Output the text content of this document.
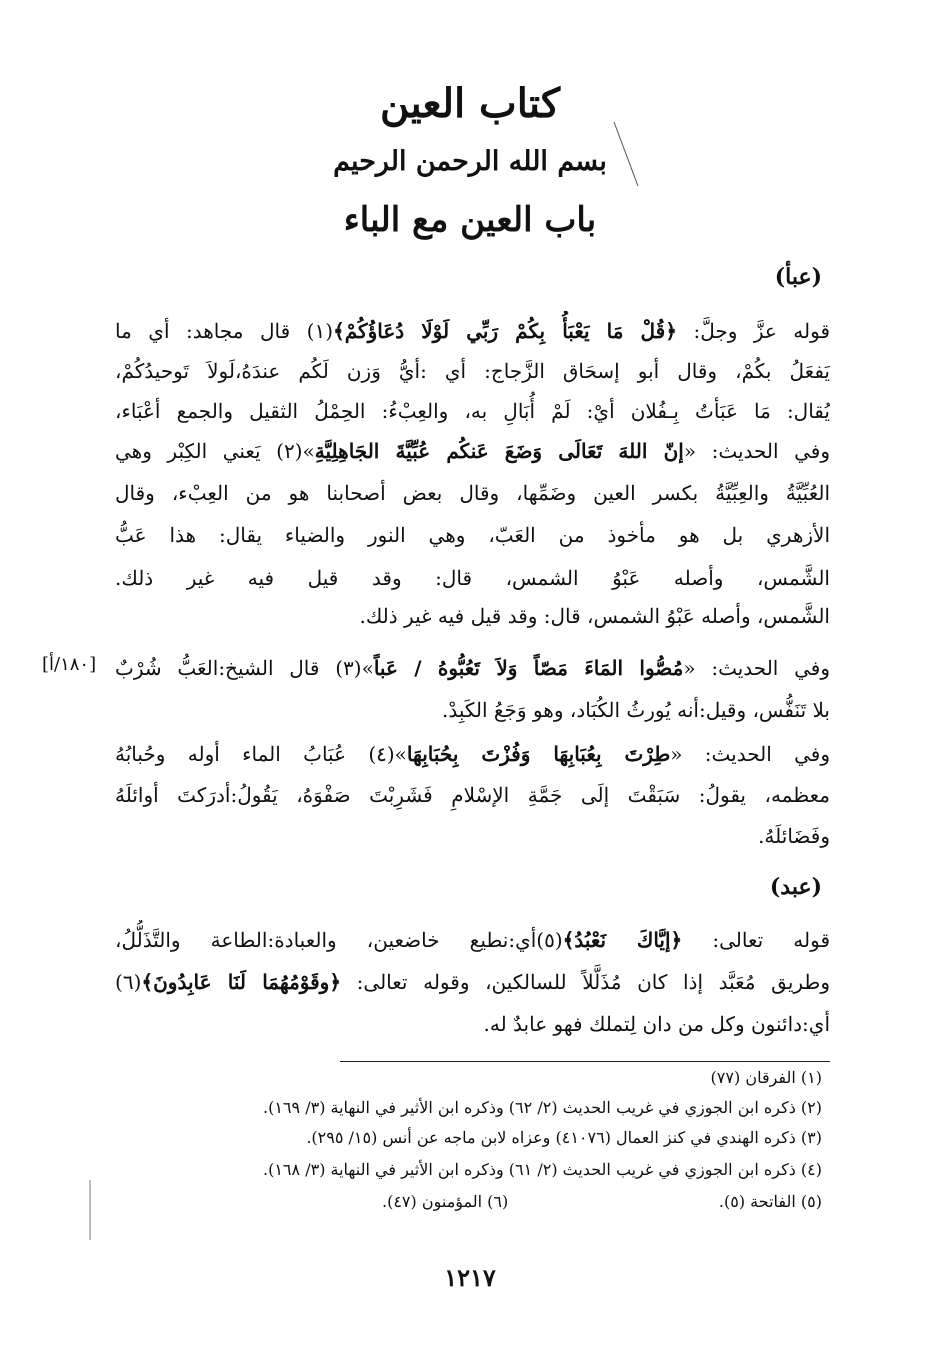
كتاب العين
بسم الله الرحمن الرحيم
باب العين مع الباء
(عبأ)
قوله عزَّ وجلَّ: ﴿قُلْ مَا يَعْبَأُ بِكُمْ رَبِّي لَوْلَا دُعَاؤُكُمْ﴾(١) قال مجاهد: أي ما
يَفعَلُ بكُمْ، وقال أبو إسحَاق الزَّجاج: أي :أيُّ وَزن لَكُم عندَهُ،لَولاَ تَوحيدُكُمْ،
يُقال: مَا عَبَأتُ بِـفُلان أيْ: لَمْ أُبَالِ به، والعِبْءُ: الحِمْلُ الثقيل والجمع أعْبَاء،
وفي الحديث: «إنّ اللهَ تَعَالَى وَضَعَ عَنكُم عُبِّيَّةَ الجَاهِلِيَّةِ»(٢) يَعني الكِبْر وهي
العُبِّيَّةُ والعِبِّيَّةُ بكسر العين وضَمِّها، وقال بعض أصحابنا هو من العِبْء، وقال
الأزهري بل هو مأخوذ من العَبّ، وهي النور والضياء يقال: هذا عَبُّ
الشَّمس، وأصله عَبْوُ الشمس، قال: وقد قيل فيه غير ذلك.
الشَّمس، وأصله عَبْوُ الشمس، قال: وقد قيل فيه غير ذلك.
وفي الحديث: «مُصُّوا المَاءَ مَصّاً وَلاَ تَعُبُّوهُ / عَباً»(٣) قال الشيخ:العَبُّ شُرْبٌ
[١٨٠/أ]
بلا تَنَفُّس، وقيل:أنه يُورثُ الكُبَاد، وهو وَجَعُ الكَبِدْ.
وفي الحديث: «طِرْتَ بِعُبَابِهَا وَفُزْتَ بِحُبَابِهَا»(٤) عُبَابُ الماء أوله وحُبابُهُ
معظمه، يقولُ: سَبَقْتَ إلَى جَمَّةِ الإسْلامِ فَشَرِبْتَ صَفْوَهُ، يَقُولُ:أدرَكتَ أوائلَهُ
وفَضَائلَهُ.
(عبد)
قوله تعالى: ﴿إيَّاكَ نَعْبُدُ﴾(٥)أي:نطيع خاضعين، والعبادة:الطاعة والتَّذَلُّلُ،
وطريق مُعَبَّد إذا كان مُذَلَّلاً للسالكين، وقوله تعالى: ﴿وقَوْمُهُمَا لَنَا عَابِدُونَ﴾(٦)
أي:دائنون وكل من دان لِتملك فهو عابدٌ له.
(١) الفرقان (٧٧)
(٢) ذكره ابن الجوزي في غريب الحديث (٢/ ٦٢) وذكره ابن الأثير في النهاية (٣/ ١٦٩).
(٣) ذكره الهندي في كنز العمال (٤١٠٧٦) وعزاه لابن ماجه عن أنس (١٥/ ٢٩٥).
(٤) ذكره ابن الجوزي في غريب الحديث (٢/ ٦١) وذكره ابن الأثير في النهاية (٣/ ١٦٨).
(٥) الفاتحة (٥).
(٦) المؤمنون (٤٧).
١٢١٧
